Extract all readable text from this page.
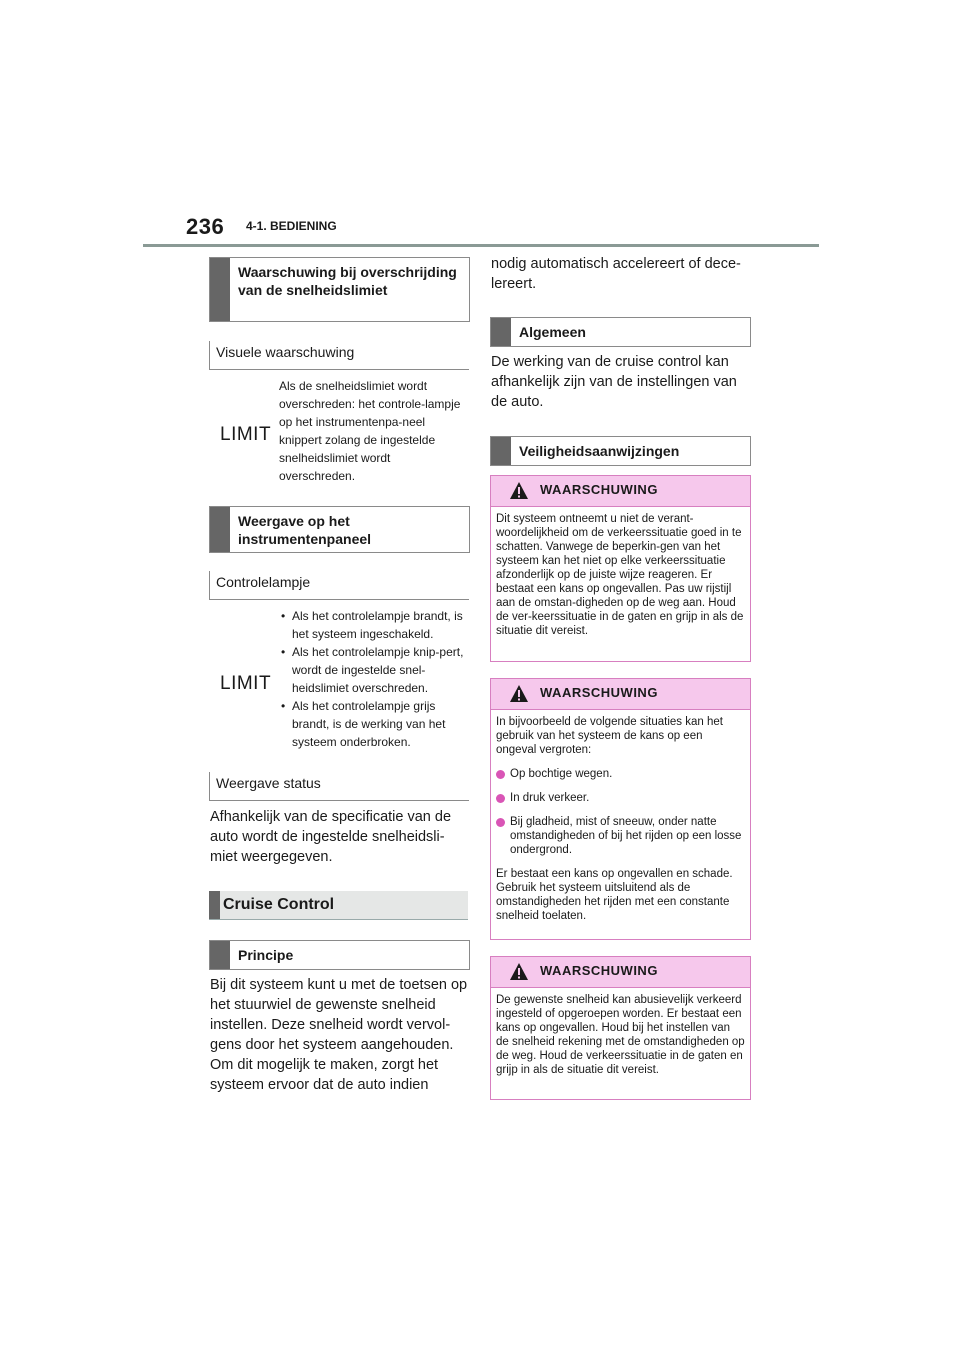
236 4-1. BEDIENING
Waarschuwing bij overschrijding van de snelheidslimiet
Visuele waarschuwing
LIMIT
Als de snelheidslimiet wordt overschreden: het controle-lampje op het instrumentenpa-neel knippert zolang de ingestelde snelheidslimiet wordt overschreden.
Weergave op het instrumentenpaneel
Controlelampje
LIMIT
• Als het controlelampje brandt, is het systeem ingeschakeld.
• Als het controlelampje knip-pert, wordt de ingestelde snel-heidslimiet overschreden.
• Als het controlelampje grijs brandt, is de werking van het systeem onderbroken.
Weergave status
Afhankelijk van de specificatie van de auto wordt de ingestelde snelheidsli-miet weergegeven.
Cruise Control
Principe
Bij dit systeem kunt u met de toetsen op het stuurwiel de gewenste snelheid instellen. Deze snelheid wordt vervol-gens door het systeem aangehouden. Om dit mogelijk te maken, zorgt het systeem ervoor dat de auto indien
nodig automatisch accelereert of dece-lereert.
Algemeen
De werking van de cruise control kan afhankelijk zijn van de instellingen van de auto.
Veiligheidsaanwijzingen
WAARSCHUWING

Dit systeem ontneemt u niet de verant-woordelijkheid om de verkeerssituatie goed in te schatten. Vanwege de beperkin-gen van het systeem kan het niet op elke verkeerssituatie afzonderlijk op de juiste wijze reageren. Er bestaat een kans op ongevallen. Pas uw rijstijl aan de omstan-digheden op de weg aan. Houd de ver-keerssituatie in de gaten en grijp in als de situatie dit vereist.

WAARSCHUWING

In bijvoorbeeld de volgende situaties kan het gebruik van het systeem de kans op een ongeval vergroten:

Op bochtige wegen.
In druk verkeer.
Bij gladheid, mist of sneeuw, onder natte omstandigheden of bij het rijden op een losse ondergrond.

Er bestaat een kans op ongevallen en schade. Gebruik het systeem uitsluitend als de omstandigheden het rijden met een constante snelheid toelaten.

WAARSCHUWING

De gewenste snelheid kan abusievelijk verkeerd ingesteld of opgeroepen worden. Er bestaat een kans op ongevallen. Houd bij het instellen van de snelheid rekening met de omstandigheden op de weg. Houd de verkeerssituatie in de gaten en grijp in als de situatie dit vereist.
